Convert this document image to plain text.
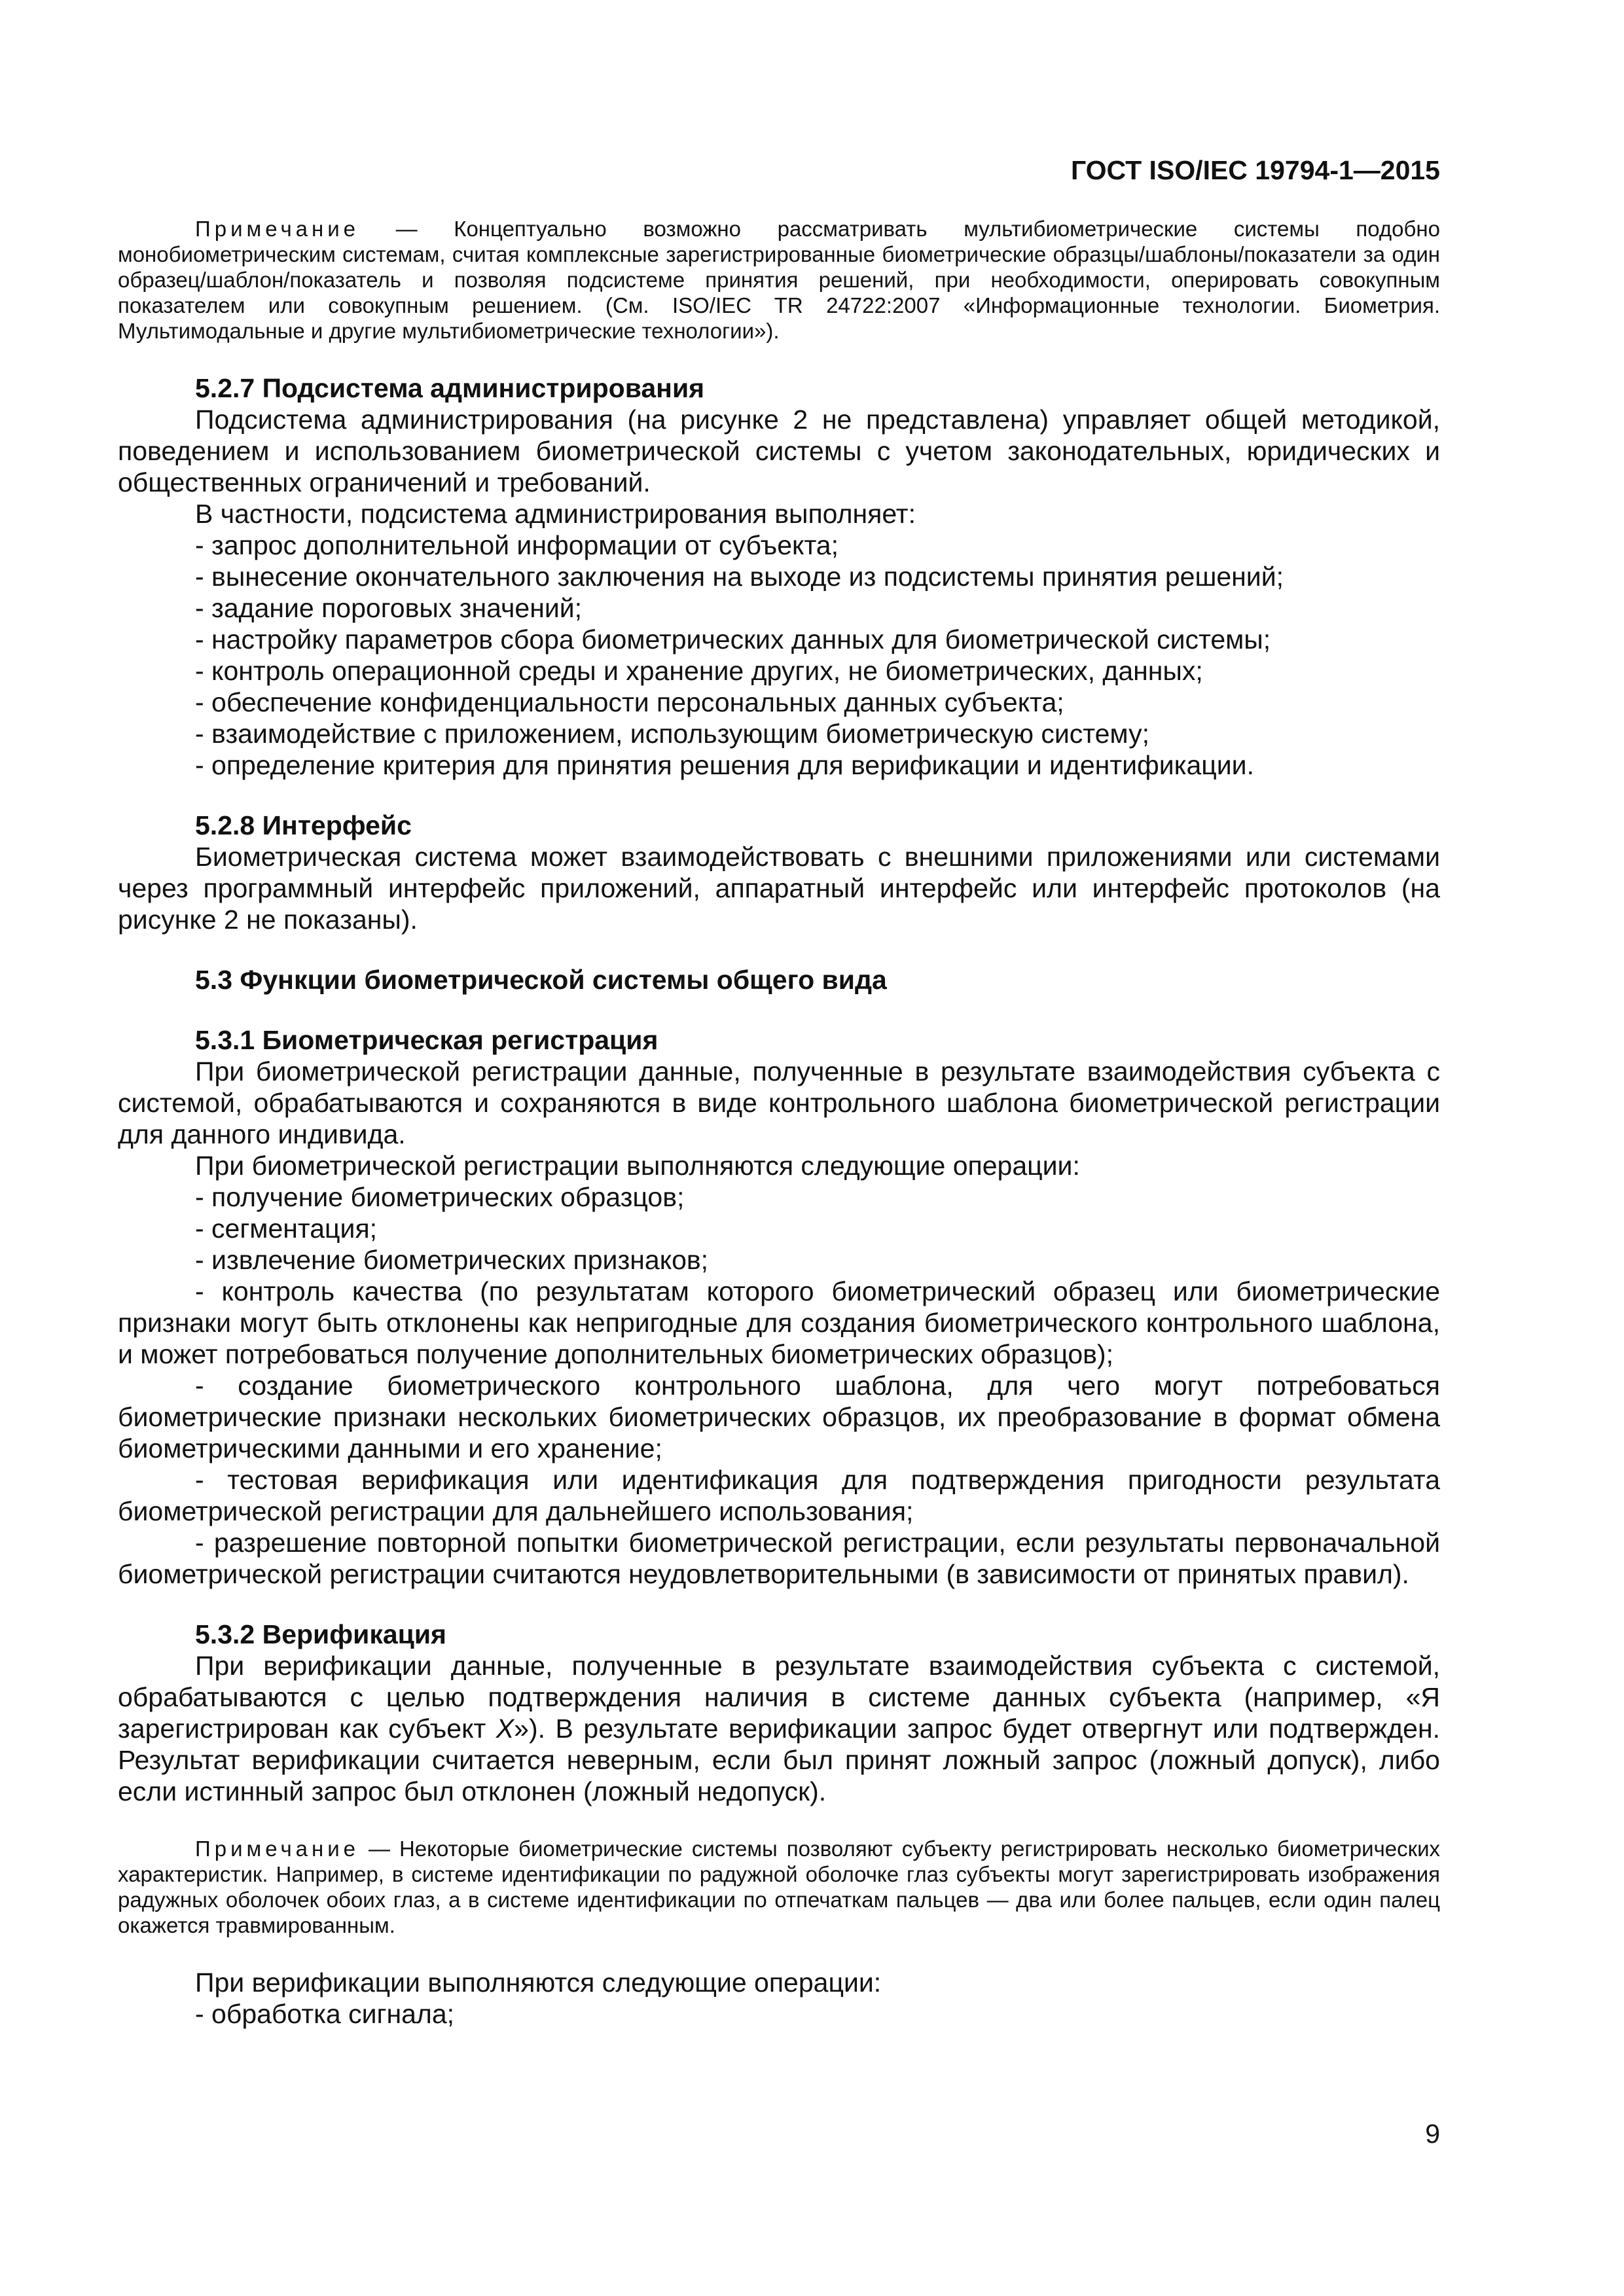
ГОСТ ISO/IEC 19794-1—2015

Примечание — Концептуально возможно рассматривать мультибиометрические системы подобно монобиометрическим системам, считая комплексные зарегистрированные биометрические образцы/шаблоны/показатели за один образец/шаблон/показатель и позволяя подсистеме принятия решений, при необходимости, оперировать совокупным показателем или совокупным решением. (См. ISO/IEC TR 24722:2007 «Информационные технологии. Биометрия. Мультимодальные и другие мультибиометрические технологии»).

5.2.7 Подсистема администрирования

Подсистема администрирования (на рисунке 2 не представлена) управляет общей методикой, поведением и использованием биометрической системы с учетом законодательных, юридических и общественных ограничений и требований.

В частности, подсистема администрирования выполняет:

- запрос дополнительной информации от субъекта;

- вынесение окончательного заключения на выходе из подсистемы принятия решений;

- задание пороговых значений;

- настройку параметров сбора биометрических данных для биометрической системы;

- контроль операционной среды и хранение других, не биометрических, данных;

- обеспечение конфиденциальности персональных данных субъекта;

- взаимодействие с приложением, использующим биометрическую систему;

- определение критерия для принятия решения для верификации и идентификации.

5.2.8 Интерфейс

Биометрическая система может взаимодействовать с внешними приложениями или системами через программный интерфейс приложений, аппаратный интерфейс или интерфейс протоколов (на рисунке 2 не показаны).

5.3 Функции биометрической системы общего вида

5.3.1 Биометрическая регистрация

При биометрической регистрации данные, полученные в результате взаимодействия субъекта с системой, обрабатываются и сохраняются в виде контрольного шаблона биометрической регистрации для данного индивида.

При биометрической регистрации выполняются следующие операции:

- получение биометрических образцов;

- сегментация;

- извлечение биометрических признаков;

- контроль качества (по результатам которого биометрический образец или биометрические признаки могут быть отклонены как непригодные для создания биометрического контрольного шаблона, и может потребоваться получение дополнительных биометрических образцов);

- создание биометрического контрольного шаблона, для чего могут потребоваться биометрические признаки нескольких биометрических образцов, их преобразование в формат обмена биометрическими данными и его хранение;

- тестовая верификация или идентификация для подтверждения пригодности результата биометрической регистрации для дальнейшего использования;

- разрешение повторной попытки биометрической регистрации, если результаты первоначальной биометрической регистрации считаются неудовлетворительными (в зависимости от принятых правил).

5.3.2 Верификация

При верификации данные, полученные в результате взаимодействия субъекта с системой, обрабатываются с целью подтверждения наличия в системе данных субъекта (например, «Я зарегистрирован как субъект X»). В результате верификации запрос будет отвергнут или подтвержден. Результат верификации считается неверным, если был принят ложный запрос (ложный допуск), либо если истинный запрос был отклонен (ложный недопуск).

Примечание — Некоторые биометрические системы позволяют субъекту регистрировать несколько биометрических характеристик. Например, в системе идентификации по радужной оболочке глаз субъекты могут зарегистрировать изображения радужных оболочек обоих глаз, а в системе идентификации по отпечаткам пальцев — два или более пальцев, если один палец окажется травмированным.

При верификации выполняются следующие операции:

- обработка сигнала;

9
